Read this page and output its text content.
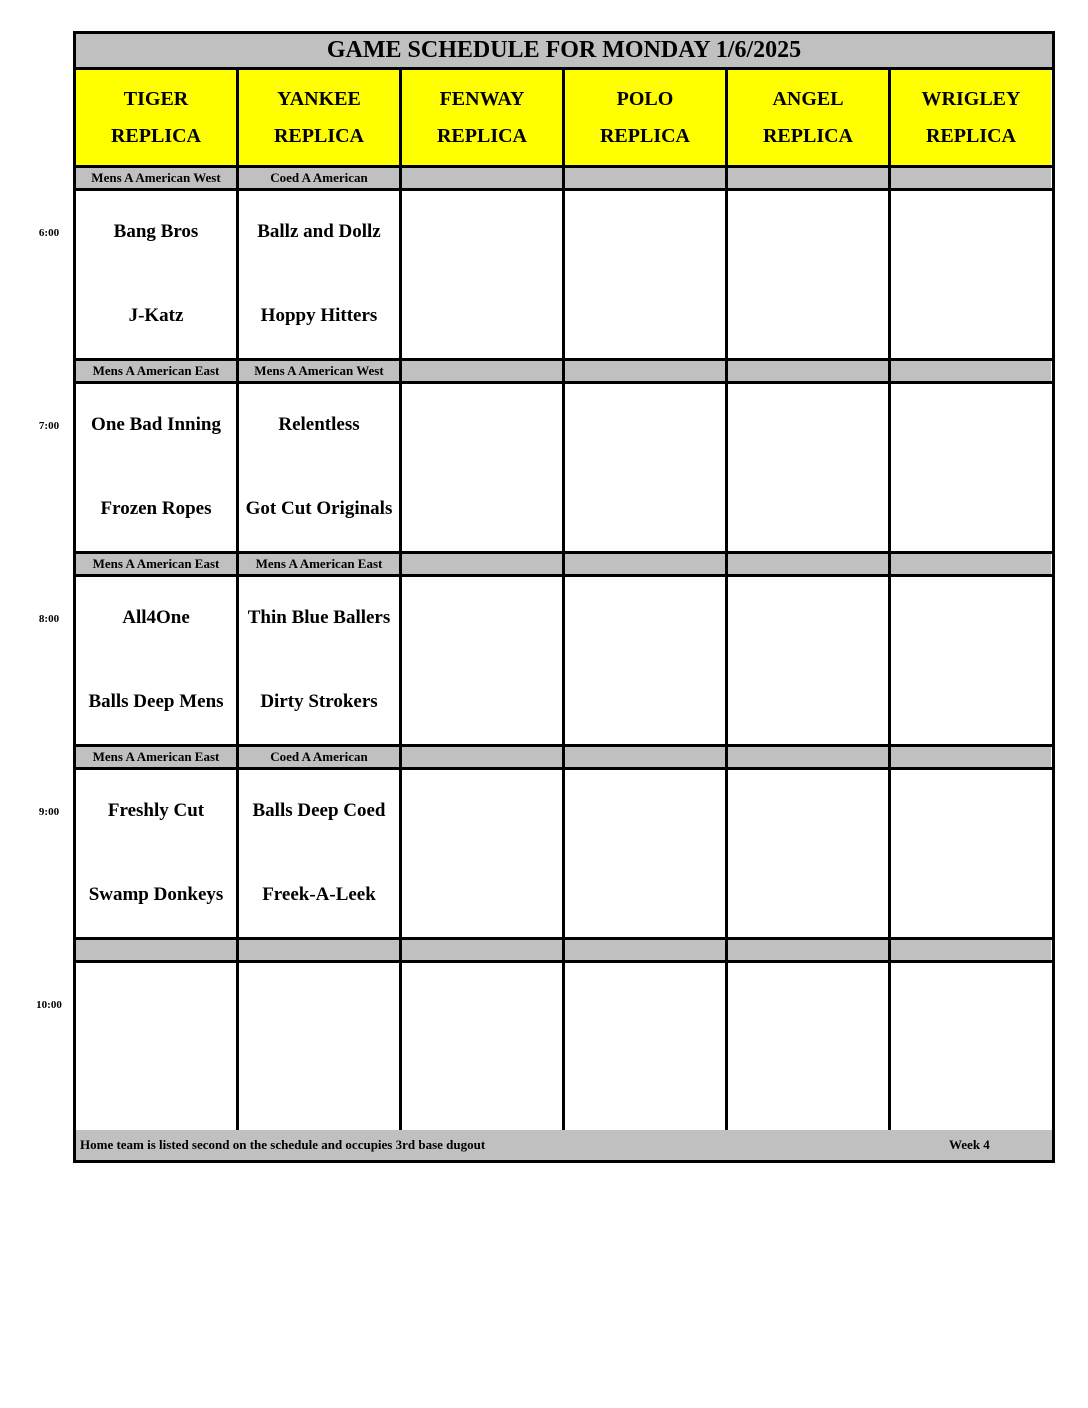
GAME SCHEDULE FOR MONDAY 1/6/2025
TIGER
REPLICA
YANKEE
REPLICA
FENWAY
REPLICA
POLO
REPLICA
ANGEL
REPLICA
WRIGLEY
REPLICA
Mens A American West
Bang Bros
J-Katz
Coed A American
Ballz and Dollz
Hoppy Hitters
Mens A American East
One Bad Inning
Frozen Ropes
Mens A American West
Relentless
Got Cut Originals
Mens A American East
All4One
Balls Deep Mens
Mens A American East
Thin Blue Ballers
Dirty Strokers
Mens A American East
Freshly Cut
Swamp Donkeys
Coed A American
Balls Deep Coed
Freek-A-Leek
Home team is listed second on the schedule and occupies 3rd base dugout	Week 4
6:00
7:00
8:00
9:00
10:00
